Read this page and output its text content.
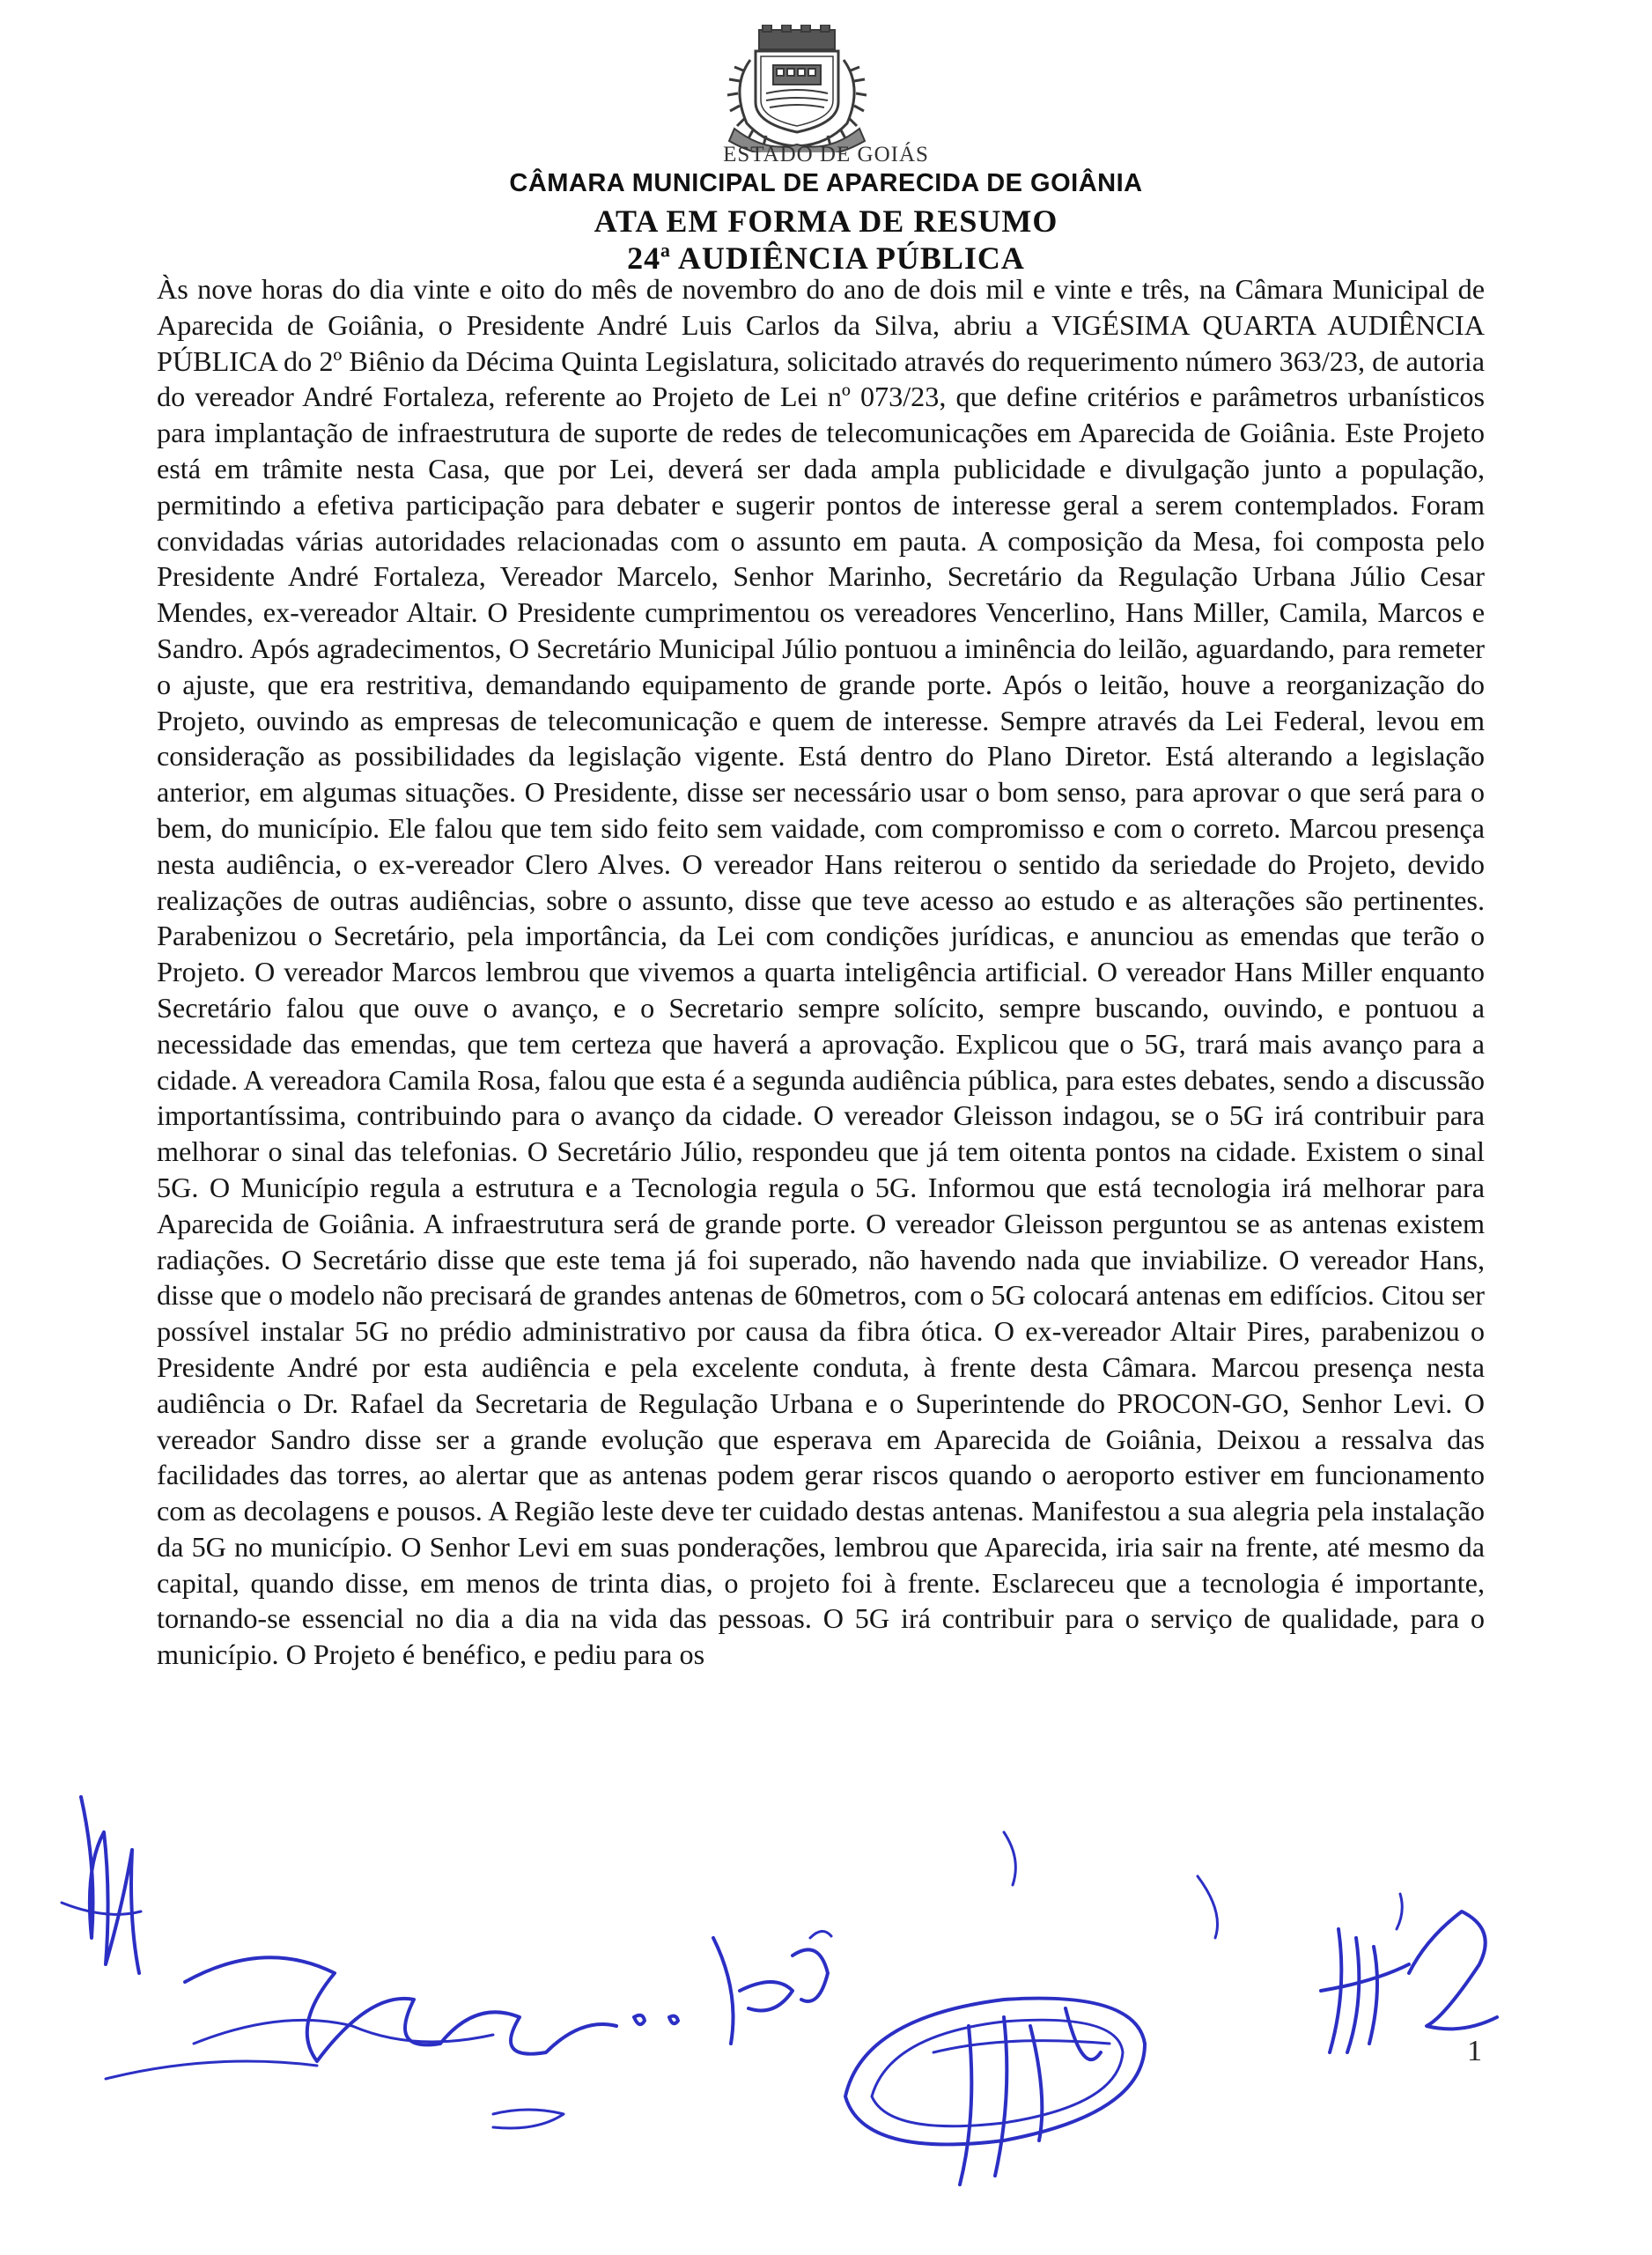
ESTADO DE GOIÁS
CÂMARA MUNICIPAL DE APARECIDA DE GOIÂNIA
ATA EM FORMA DE RESUMO
24ª AUDIÊNCIA PÚBLICA

Às nove horas do dia vinte e oito do mês de novembro do ano de dois mil e vinte e três, na Câmara Municipal de Aparecida de Goiânia, o Presidente André Luis Carlos da Silva, abriu a VIGÉSIMA QUARTA AUDIÊNCIA PÚBLICA do 2º Biênio da Décima Quinta Legislatura, solicitado através do requerimento número 363/23, de autoria do vereador André Fortaleza, referente ao Projeto de Lei nº 073/23, que define critérios e parâmetros urbanísticos para implantação de infraestrutura de suporte de redes de telecomunicações em Aparecida de Goiânia. Este Projeto está em trâmite nesta Casa, que por Lei, deverá ser dada ampla publicidade e divulgação junto a população, permitindo a efetiva participação para debater e sugerir pontos de interesse geral a serem contemplados. Foram convidadas várias autoridades relacionadas com o assunto em pauta. A composição da Mesa, foi composta pelo Presidente André Fortaleza, Vereador Marcelo, Senhor Marinho, Secretário da Regulação Urbana Júlio Cesar Mendes, ex-vereador Altair. O Presidente cumprimentou os vereadores Vencerlino, Hans Miller, Camila, Marcos e Sandro. Após agradecimentos, O Secretário Municipal Júlio pontuou a iminência do leilão, aguardando, para remeter o ajuste, que era restritiva, demandando equipamento de grande porte. Após o leitão, houve a reorganização do Projeto, ouvindo as empresas de telecomunicação e quem de interesse. Sempre através da Lei Federal, levou em consideração as possibilidades da legislação vigente. Está dentro do Plano Diretor. Está alterando a legislação anterior, em algumas situações. O Presidente, disse ser necessário usar o bom senso, para aprovar o que será para o bem, do município. Ele falou que tem sido feito sem vaidade, com compromisso e com o correto. Marcou presença nesta audiência, o ex-vereador Clero Alves. O vereador Hans reiterou o sentido da seriedade do Projeto, devido realizações de outras audiências, sobre o assunto, disse que teve acesso ao estudo e as alterações são pertinentes. Parabenizou o Secretário, pela importância, da Lei com condições jurídicas, e anunciou as emendas que terão o Projeto. O vereador Marcos lembrou que vivemos a quarta inteligência artificial. O vereador Hans Miller enquanto Secretário falou que ouve o avanço, e o Secretario sempre solícito, sempre buscando, ouvindo, e pontuou a necessidade das emendas, que tem certeza que haverá a aprovação. Explicou que o 5G, trará mais avanço para a cidade. A vereadora Camila Rosa, falou que esta é a segunda audiência pública, para estes debates, sendo a discussão importantíssima, contribuindo para o avanço da cidade. O vereador Gleisson indagou, se o 5G irá contribuir para melhorar o sinal das telefonias. O Secretário Júlio, respondeu que já tem oitenta pontos na cidade. Existem o sinal 5G. O Município regula a estrutura e a Tecnologia regula o 5G. Informou que está tecnologia irá melhorar para Aparecida de Goiânia. A infraestrutura será de grande porte. O vereador Gleisson perguntou se as antenas existem radiações. O Secretário disse que este tema já foi superado, não havendo nada que inviabilize. O vereador Hans, disse que o modelo não precisará de grandes antenas de 60metros, com o 5G colocará antenas em edifícios. Citou ser possível instalar 5G no prédio administrativo por causa da fibra ótica. O ex-vereador Altair Pires, parabenizou o Presidente André por esta audiência e pela excelente conduta, à frente desta Câmara. Marcou presença nesta audiência o Dr. Rafael da Secretaria de Regulação Urbana e o Superintende do PROCON-GO, Senhor Levi. O vereador Sandro disse ser a grande evolução que esperava em Aparecida de Goiânia, Deixou a ressalva das facilidades das torres, ao alertar que as antenas podem gerar riscos quando o aeroporto estiver em funcionamento com as decolagens e pousos. A Região leste deve ter cuidado destas antenas. Manifestou a sua alegria pela instalação da 5G no município. O Senhor Levi em suas ponderações, lembrou que Aparecida, iria sair na frente, até mesmo da capital, quando disse, em menos de trinta dias, o projeto foi à frente. Esclareceu que a tecnologia é importante, tornando-se essencial no dia a dia na vida das pessoas. O 5G irá contribuir para o serviço de qualidade, para o município. O Projeto é benéfico, e pediu para os

1
